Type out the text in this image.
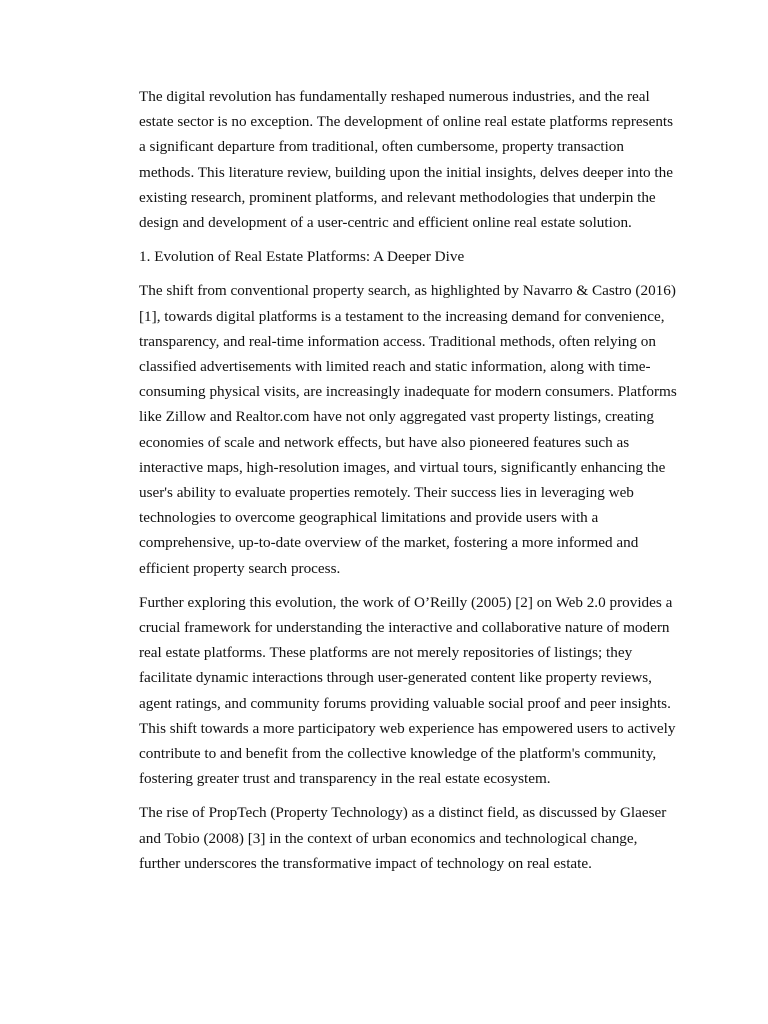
The digital revolution has fundamentally reshaped numerous industries, and the real estate sector is no exception. The development of online real estate platforms represents a significant departure from traditional, often cumbersome, property transaction methods. This literature review, building upon the initial insights, delves deeper into the existing research, prominent platforms, and relevant methodologies that underpin the design and development of a user-centric and efficient online real estate solution.

1. Evolution of Real Estate Platforms: A Deeper Dive

The shift from conventional property search, as highlighted by Navarro & Castro (2016) [1], towards digital platforms is a testament to the increasing demand for convenience, transparency, and real-time information access. Traditional methods, often relying on classified advertisements with limited reach and static information, along with time-consuming physical visits, are increasingly inadequate for modern consumers. Platforms like Zillow and Realtor.com have not only aggregated vast property listings, creating economies of scale and network effects, but have also pioneered features such as interactive maps, high-resolution images, and virtual tours, significantly enhancing the user's ability to evaluate properties remotely. Their success lies in leveraging web technologies to overcome geographical limitations and provide users with a comprehensive, up-to-date overview of the market, fostering a more informed and efficient property search process.

Further exploring this evolution, the work of O’Reilly (2005) [2] on Web 2.0 provides a crucial framework for understanding the interactive and collaborative nature of modern real estate platforms. These platforms are not merely repositories of listings; they facilitate dynamic interactions through user-generated content like property reviews, agent ratings, and community forums providing valuable social proof and peer insights. This shift towards a more participatory web experience has empowered users to actively contribute to and benefit from the collective knowledge of the platform's community, fostering greater trust and transparency in the real estate ecosystem.

The rise of PropTech (Property Technology) as a distinct field, as discussed by Glaeser and Tobio (2008) [3] in the context of urban economics and technological change, further underscores the transformative impact of technology on real estate.
